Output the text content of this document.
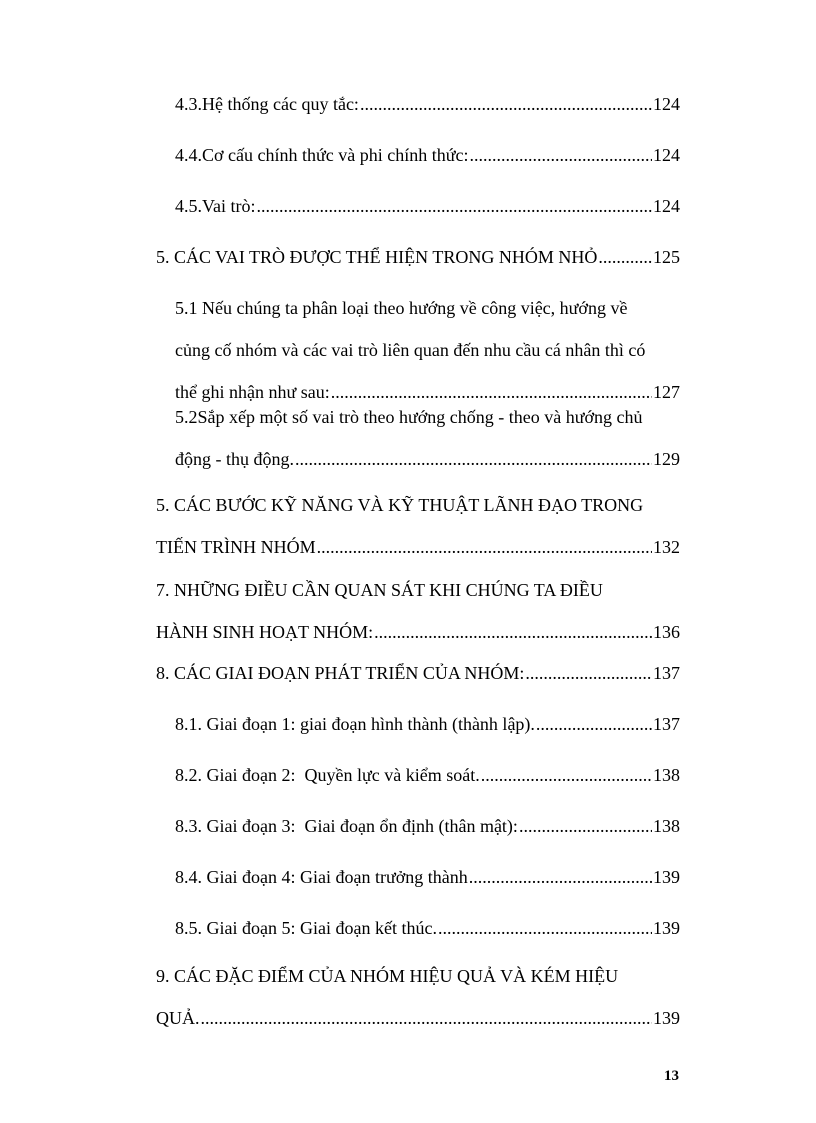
4.3.Hệ thống các quy tắc: .....	124
4.4.Cơ cấu chính thức và phi chính thức: .....	124
4.5.Vai trò: .....	124
5. CÁC VAI TRÒ ĐƯỢC THỂ HIỆN TRONG NHÓM NHỎ .....	125
5.1 Nếu chúng ta phân loại theo hướng về công việc, hướng về
củng cố nhóm và các vai trò liên quan đến nhu cầu cá nhân thì có
thể ghi nhận như sau: .....	127
5.2Sắp xếp một số vai trò theo hướng chống - theo và hướng chủ
động - thụ động. .....	129
5. CÁC BƯỚC KỸ NĂNG VÀ KỸ THUẬT LÃNH ĐẠO TRONG
TIẾN TRÌNH NHÓM .....	132
7. NHỮNG ĐIỀU CẦN QUAN SÁT KHI CHÚNG TA ĐIỀU
HÀNH SINH HOẠT NHÓM: .....	136
8. CÁC GIAI ĐOẠN PHÁT TRIỂN CỦA NHÓM: .....	137
8.1. Giai đoạn 1: giai đoạn hình thành (thành lập). .....	137
8.2. Giai đoạn 2:  Quyền lực và kiểm soát. .....	138
8.3. Giai đoạn 3:  Giai đoạn ổn định (thân mật): .....	138
8.4. Giai đoạn 4: Giai đoạn trưởng thành .....	139
8.5. Giai đoạn 5: Giai đoạn kết thúc. .....	139
9. CÁC ĐẶC ĐIỂM CỦA NHÓM HIỆU QUẢ VÀ KÉM HIỆU
QUẢ. .....	139
13
